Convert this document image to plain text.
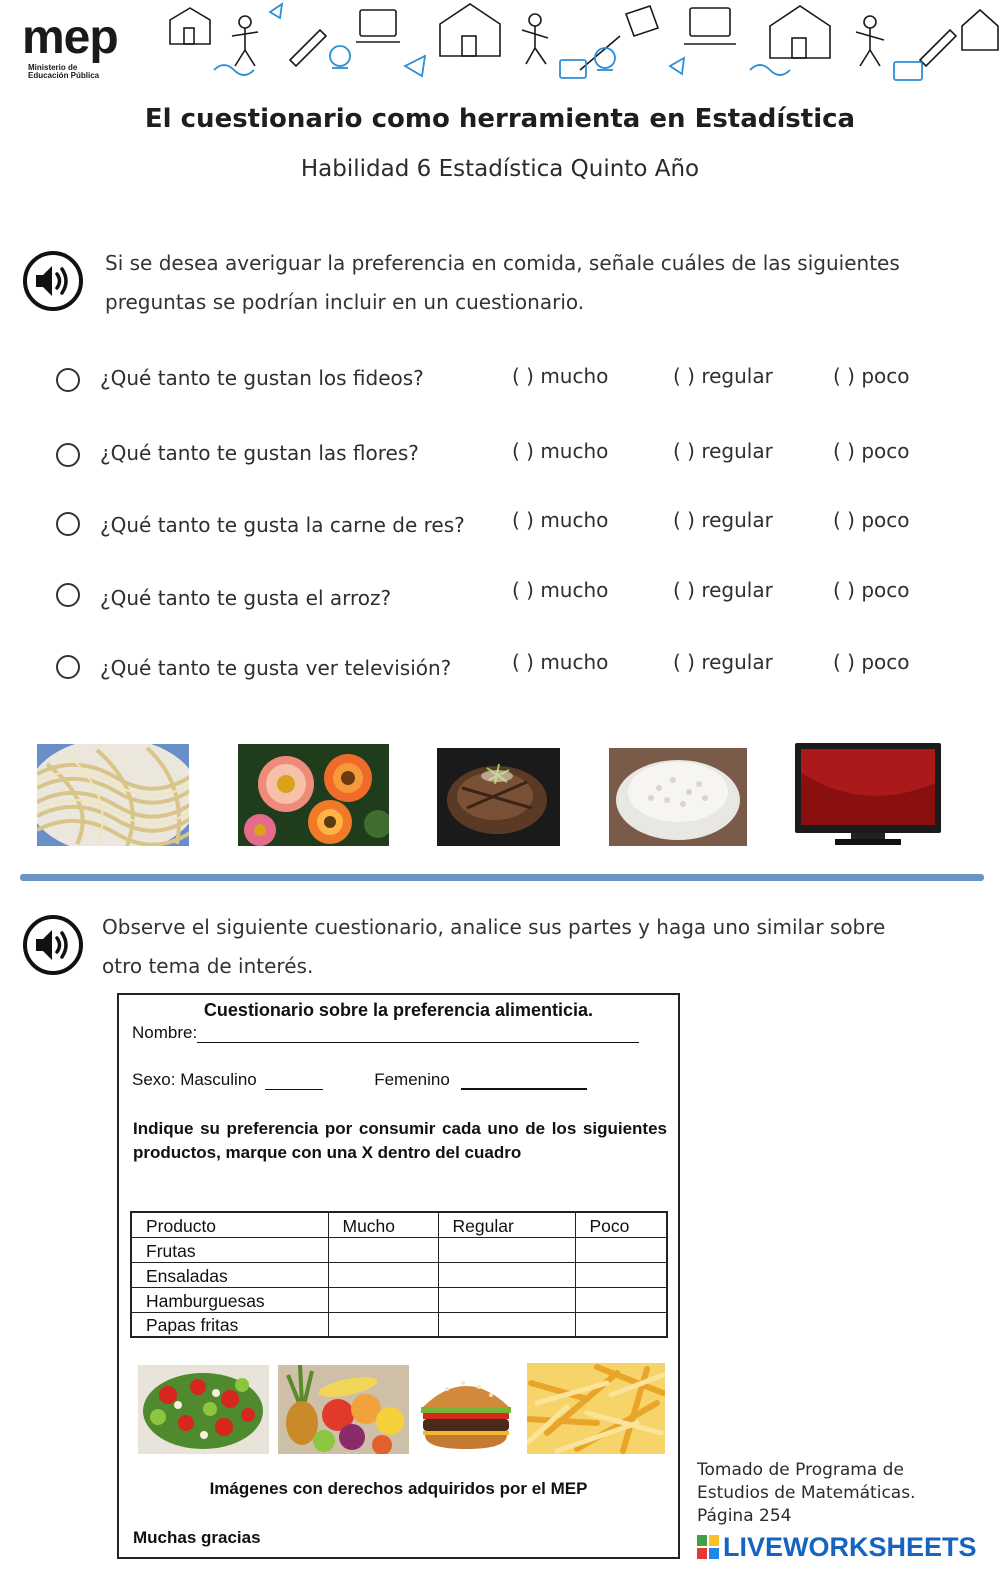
mep
Ministerio de
Educación Pública
El cuestionario como herramienta en Estadística
Habilidad 6 Estadística Quinto Año
Si se desea averiguar la preferencia en comida, señale cuáles de las siguientes
preguntas se podrían incluir en un cuestionario.
¿Qué tanto te gustan los fideos?	( ) mucho	( ) regular	( ) poco
¿Qué tanto te gustan las flores?	( ) mucho	( ) regular	( ) poco
¿Qué tanto te gusta la carne de res? ( ) mucho	( ) regular	( ) poco
¿Qué tanto te gusta el arroz?	( ) mucho	( ) regular	( ) poco
¿Qué tanto te gusta ver televisión?	( ) mucho	( ) regular	( ) poco
Observe el siguiente cuestionario, analice sus partes y haga uno similar sobre
otro tema de interés.
Cuestionario sobre la preferencia alimenticia.
Nombre:
Sexo: Masculino	Femenino
Indique su preferencia por consumir cada uno de los siguientes productos, marque con una X dentro del cuadro
Producto	Mucho	Regular	Poco
Frutas			
Ensaladas			
Hamburguesas			
Papas fritas			
Imágenes con derechos adquiridos por el MEP
Muchas gracias
Tomado de Programa de
Estudios de Matemáticas.
Página 254
LIVEWORKSHEETS
